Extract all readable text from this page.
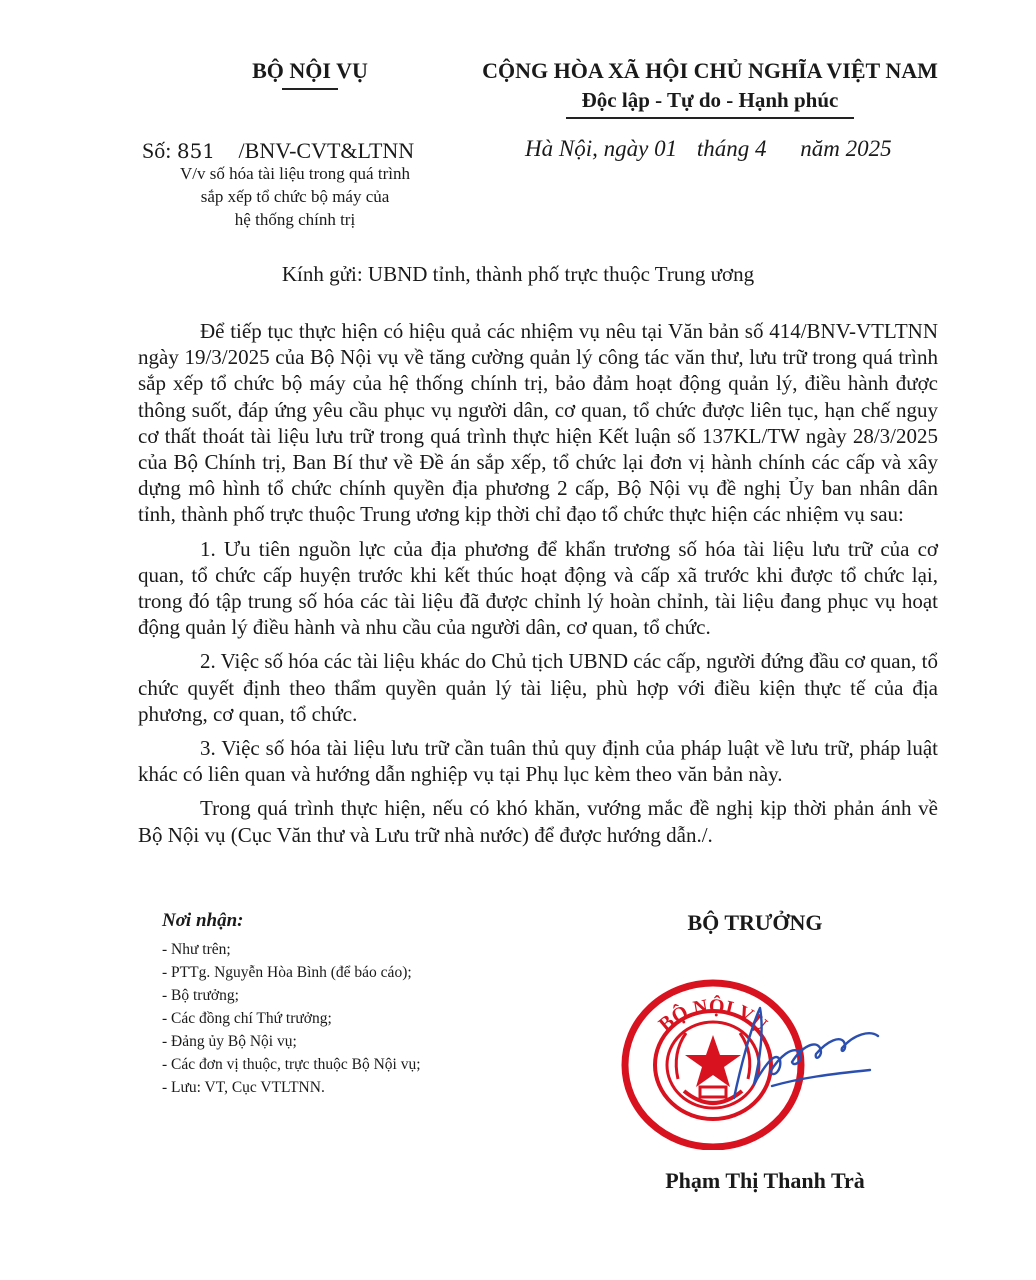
BỘ NỘI VỤ	CỘNG HÒA XÃ HỘI CHỦ NGHĨA VIỆT NAM
Độc lập - Tự do - Hạnh phúc
Số: 851 /BNV-CVT&LTNN
V/v số hóa tài liệu trong quá trình
sắp xếp tổ chức bộ máy của
hệ thống chính trị
Hà Nội, ngày 01 tháng 4 năm 2025
Kính gửi: UBND tỉnh, thành phố trực thuộc Trung ương

Để tiếp tục thực hiện có hiệu quả các nhiệm vụ nêu tại Văn bản số 414/BNV-VTLTNN ngày 19/3/2025 của Bộ Nội vụ về tăng cường quản lý công tác văn thư, lưu trữ trong quá trình sắp xếp tổ chức bộ máy của hệ thống chính trị, bảo đảm hoạt động quản lý, điều hành được thông suốt, đáp ứng yêu cầu phục vụ người dân, cơ quan, tổ chức được liên tục, hạn chế nguy cơ thất thoát tài liệu lưu trữ trong quá trình thực hiện Kết luận số 137KL/TW ngày 28/3/2025 của Bộ Chính trị, Ban Bí thư về Đề án sắp xếp, tổ chức lại đơn vị hành chính các cấp và xây dựng mô hình tổ chức chính quyền địa phương 2 cấp, Bộ Nội vụ đề nghị Ủy ban nhân dân tỉnh, thành phố trực thuộc Trung ương kịp thời chỉ đạo tổ chức thực hiện các nhiệm vụ sau:

1. Ưu tiên nguồn lực của địa phương để khẩn trương số hóa tài liệu lưu trữ của cơ quan, tổ chức cấp huyện trước khi kết thúc hoạt động và cấp xã trước khi được tổ chức lại, trong đó tập trung số hóa các tài liệu đã được chỉnh lý hoàn chỉnh, tài liệu đang phục vụ hoạt động quản lý điều hành và nhu cầu của người dân, cơ quan, tổ chức.

2. Việc số hóa các tài liệu khác do Chủ tịch UBND các cấp, người đứng đầu cơ quan, tổ chức quyết định theo thẩm quyền quản lý tài liệu, phù hợp với điều kiện thực tế của địa phương, cơ quan, tổ chức.

3. Việc số hóa tài liệu lưu trữ cần tuân thủ quy định của pháp luật về lưu trữ, pháp luật khác có liên quan và hướng dẫn nghiệp vụ tại Phụ lục kèm theo văn bản này.

Trong quá trình thực hiện, nếu có khó khăn, vướng mắc đề nghị kịp thời phản ánh về Bộ Nội vụ (Cục Văn thư và Lưu trữ nhà nước) để được hướng dẫn./.

Nơi nhận:
- Như trên;
- PTTg. Nguyễn Hòa Bình (để báo cáo);
- Bộ trưởng;
- Các đồng chí Thứ trưởng;
- Đảng ủy Bộ Nội vụ;
- Các đơn vị thuộc, trực thuộc Bộ Nội vụ;
- Lưu: VT, Cục VTLTNN.
BỘ TRƯỞNG
BỘ NỘI VỤ
Phạm Thị Thanh Trà
